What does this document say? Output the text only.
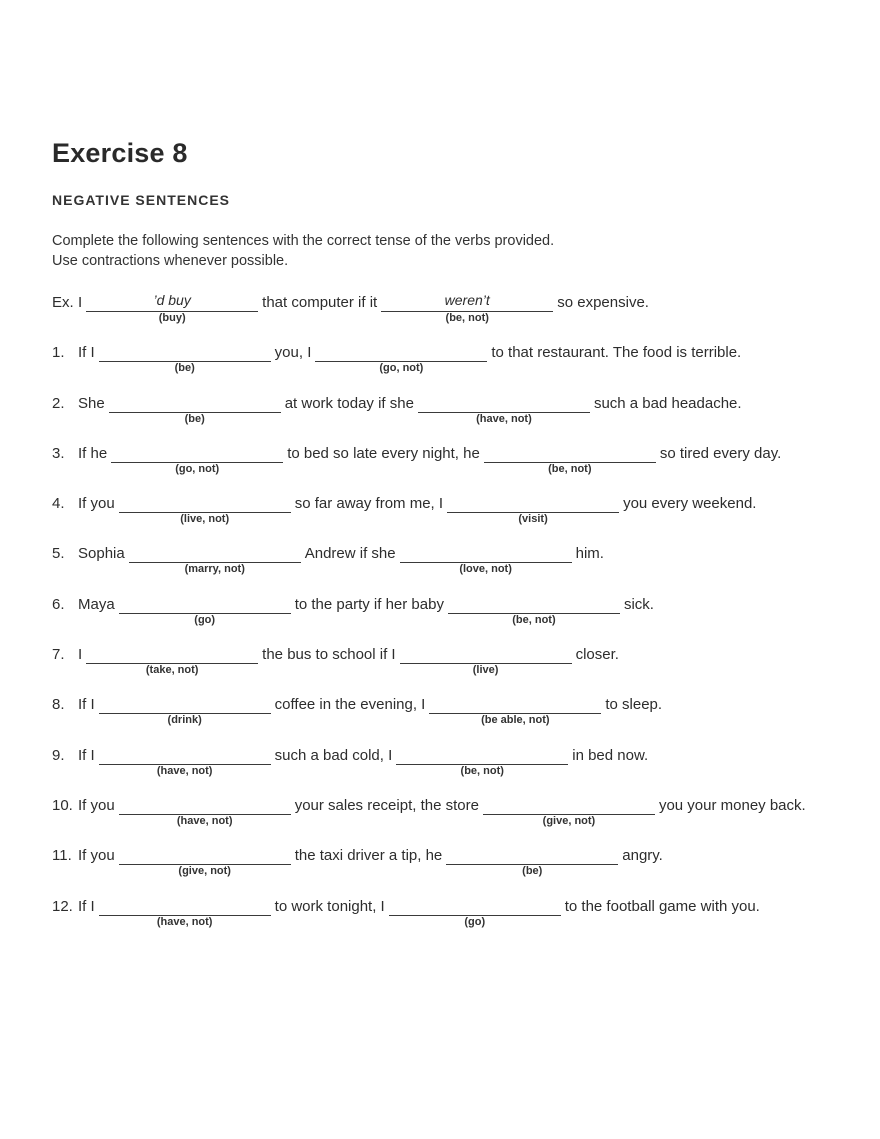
Exercise 8
NEGATIVE SENTENCES
Complete the following sentences with the correct tense of the verbs provided.
Use contractions whenever possible.
Ex. I	’d buy
(buy)
that computer if it	weren’t
(be, not)
so expensive.
1. If I
(be)
you, I
(go, not)
to that restaurant. The food is terrible.
2. She
(be)
at work today if she
(have, not)
such a bad headache.
3. If he
(go, not)
to bed so late every night, he
(be, not)
so tired every day.
4. If you
(live, not)
so far away from me, I
(visit)
you every weekend.
5. Sophia
(marry, not)
Andrew if she
(love, not)
him.
6. Maya
(go)
to the party if her baby
(be, not)
sick.
7. I
(take, not)
the bus to school if I
(live)
closer.
8. If I
(drink)
coffee in the evening, I
(be able, not)
to sleep.
9. If I
(have, not)
such a bad cold, I
(be, not)
in bed now.
10. If you
(have, not)
your sales receipt, the store
(give, not)
you your money back.
11. If you
(give, not)
the taxi driver a tip, he
(be)
angry.
12. If I
(have, not)
to work tonight, I
(go)
to the football game with you.
